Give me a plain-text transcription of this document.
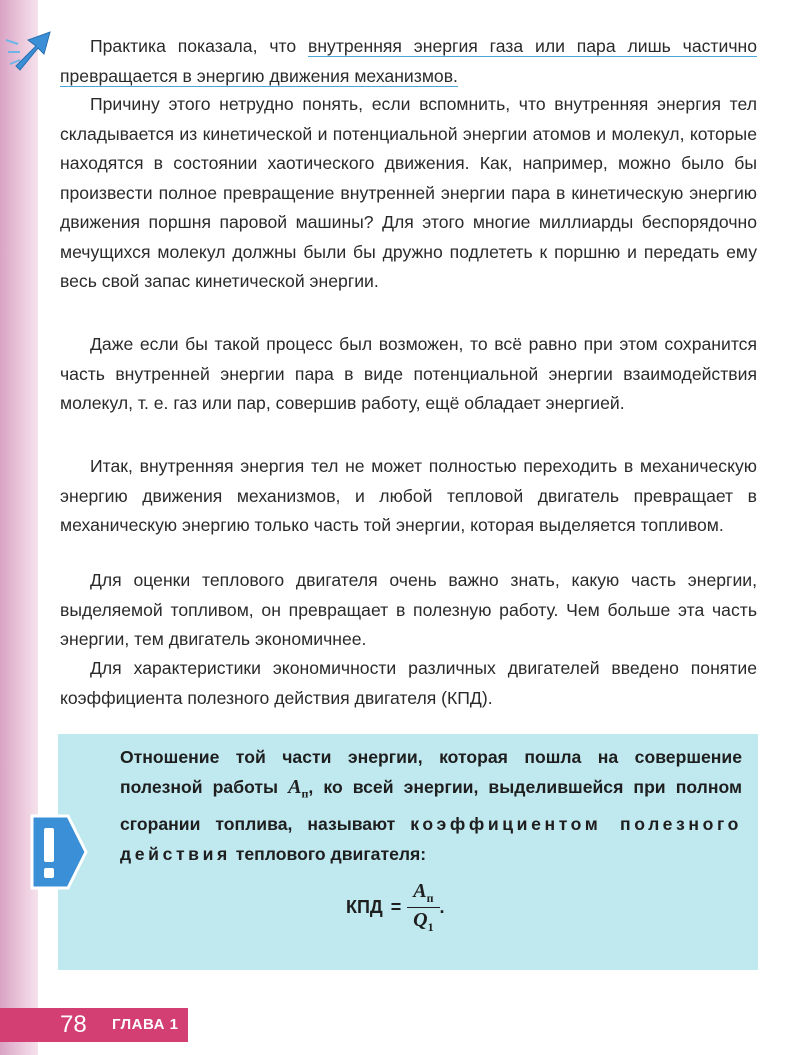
Практика показала, что внутренняя энергия газа или пара лишь частично превращается в энергию движения механизмов.

Причину этого нетрудно понять, если вспомнить, что внутренняя энергия тел складывается из кинетической и потенциальной энергии атомов и молекул, которые находятся в состоянии хаотического движения. Как, например, можно было бы произвести полное превращение внутренней энергии пара в кинетическую энергию движения поршня паровой машины? Для этого многие миллиарды беспорядочно мечущихся молекул должны были бы дружно подлететь к поршню и передать ему весь свой запас кинетической энергии.

Даже если бы такой процесс был возможен, то всё равно при этом сохранится часть внутренней энергии пара в виде потенциальной энергии взаимодействия молекул, т. е. газ или пар, совершив работу, ещё обладает энергией.

Итак, внутренняя энергия тел не может полностью переходить в механическую энергию движения механизмов, и любой тепловой двигатель превращает в механическую энергию только часть той энергии, которая выделяется топливом.

Для оценки теплового двигателя очень важно знать, какую часть энергии, выделяемой топливом, он превращает в полезную работу. Чем больше эта часть энергии, тем двигатель экономичнее.

Для характеристики экономичности различных двигателей введено понятие коэффициента полезного действия двигателя (КПД).

Отношение той части энергии, которая пошла на совершение полезной работы $A_п$, ко всей энергии, выделившейся при полном сгорании топлива, называют коэффициентом полезного действия теплового двигателя:
КПД = $\frac{A_п}{Q_1}$ .
78 ГЛАВА 1
